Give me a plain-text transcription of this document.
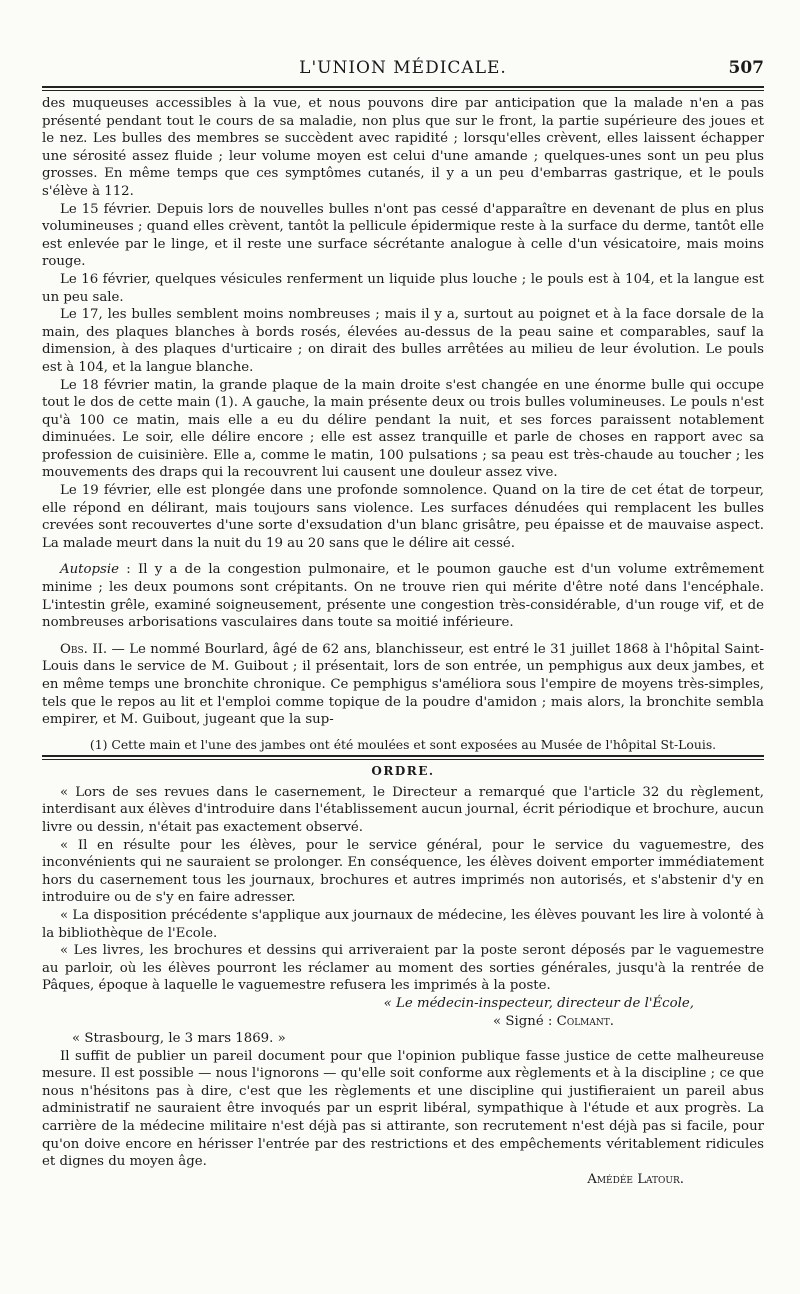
L'UNION MÉDICALE.	507

des muqueuses accessibles à la vue, et nous pouvons dire par anticipation que la malade n'en a pas présenté pendant tout le cours de sa maladie, non plus que sur le front, la partie supérieure des joues et le nez. Les bulles des membres se succèdent avec rapidité ; lorsqu'elles crèvent, elles laissent échapper une sérosité assez fluide ; leur volume moyen est celui d'une amande ; quelques-unes sont un peu plus grosses. En même temps que ces symptômes cutanés, il y a un peu d'embarras gastrique, et le pouls s'élève à 112.

Le 15 février. Depuis lors de nouvelles bulles n'ont pas cessé d'apparaître en devenant de plus en plus volumineuses ; quand elles crèvent, tantôt la pellicule épidermique reste à la surface du derme, tantôt elle est enlevée par le linge, et il reste une surface sécrétante analogue à celle d'un vésicatoire, mais moins rouge.

Le 16 février, quelques vésicules renferment un liquide plus louche ; le pouls est à 104, et la langue est un peu sale.

Le 17, les bulles semblent moins nombreuses ; mais il y a, surtout au poignet et à la face dorsale de la main, des plaques blanches à bords rosés, élevées au-dessus de la peau saine et comparables, sauf la dimension, à des plaques d'urticaire ; on dirait des bulles arrêtées au milieu de leur évolution. Le pouls est à 104, et la langue blanche.

Le 18 février matin, la grande plaque de la main droite s'est changée en une énorme bulle qui occupe tout le dos de cette main (1). A gauche, la main présente deux ou trois bulles volumineuses. Le pouls n'est qu'à 100 ce matin, mais elle a eu du délire pendant la nuit, et ses forces paraissent notablement diminuées. Le soir, elle délire encore ; elle est assez tranquille et parle de choses en rapport avec sa profession de cuisinière. Elle a, comme le matin, 100 pulsations ; sa peau est très-chaude au toucher ; les mouvements des draps qui la recouvrent lui causent une douleur assez vive.

Le 19 février, elle est plongée dans une profonde somnolence. Quand on la tire de cet état de torpeur, elle répond en délirant, mais toujours sans violence. Les surfaces dénudées qui remplacent les bulles crevées sont recouvertes d'une sorte d'exsudation d'un blanc grisâtre, peu épaisse et de mauvaise aspect. La malade meurt dans la nuit du 19 au 20 sans que le délire ait cessé.

Autopsie : Il y a de la congestion pulmonaire, et le poumon gauche est d'un volume extrêmement minime ; les deux poumons sont crépitants. On ne trouve rien qui mérite d'être noté dans l'encéphale. L'intestin grêle, examiné soigneusement, présente une congestion très-considérable, d'un rouge vif, et de nombreuses arborisations vasculaires dans toute sa moitié inférieure.

Obs. II. — Le nommé Bourlard, âgé de 62 ans, blanchisseur, est entré le 31 juillet 1868 à l'hôpital Saint-Louis dans le service de M. Guibout ; il présentait, lors de son entrée, un pemphigus aux deux jambes, et en même temps une bronchite chronique. Ce pemphigus s'améliora sous l'empire de moyens très-simples, tels que le repos au lit et l'emploi comme topique de la poudre d'amidon ; mais alors, la bronchite sembla empirer, et M. Guibout, jugeant que la sup-

(1) Cette main et l'une des jambes ont été moulées et sont exposées au Musée de l'hôpital St-Louis.

ORDRE.

« Lors de ses revues dans le casernement, le Directeur a remarqué que l'article 32 du règlement, interdisant aux élèves d'introduire dans l'établissement aucun journal, écrit périodique et brochure, aucun livre ou dessin, n'était pas exactement observé.

« Il en résulte pour les élèves, pour le service général, pour le service du vaguemestre, des inconvénients qui ne sauraient se prolonger. En conséquence, les élèves doivent emporter immédiatement hors du casernement tous les journaux, brochures et autres imprimés non autorisés, et s'abstenir d'y en introduire ou de s'y en faire adresser.

« La disposition précédente s'applique aux journaux de médecine, les élèves pouvant les lire à volonté à la bibliothèque de l'Ecole.

« Les livres, les brochures et dessins qui arriveraient par la poste seront déposés par le vaguemestre au parloir, où les élèves pourront les réclamer au moment des sorties générales, jusqu'à la rentrée de Pâques, époque à laquelle le vaguemestre refusera les imprimés à la poste.

« Le médecin-inspecteur, directeur de l'École,

« Signé : Colmant.

« Strasbourg, le 3 mars 1869. »

Il suffit de publier un pareil document pour que l'opinion publique fasse justice de cette malheureuse mesure. Il est possible — nous l'ignorons — qu'elle soit conforme aux règlements et à la discipline ; ce que nous n'hésitons pas à dire, c'est que les règlements et une discipline qui justifieraient un pareil abus administratif ne sauraient être invoqués par un esprit libéral, sympathique à l'étude et aux progrès. La carrière de la médecine militaire n'est déjà pas si attirante, son recrutement n'est déjà pas si facile, pour qu'on doive encore en hérisser l'entrée par des restrictions et des empêchements véritablement ridicules et dignes du moyen âge.

Amédée Latour.
